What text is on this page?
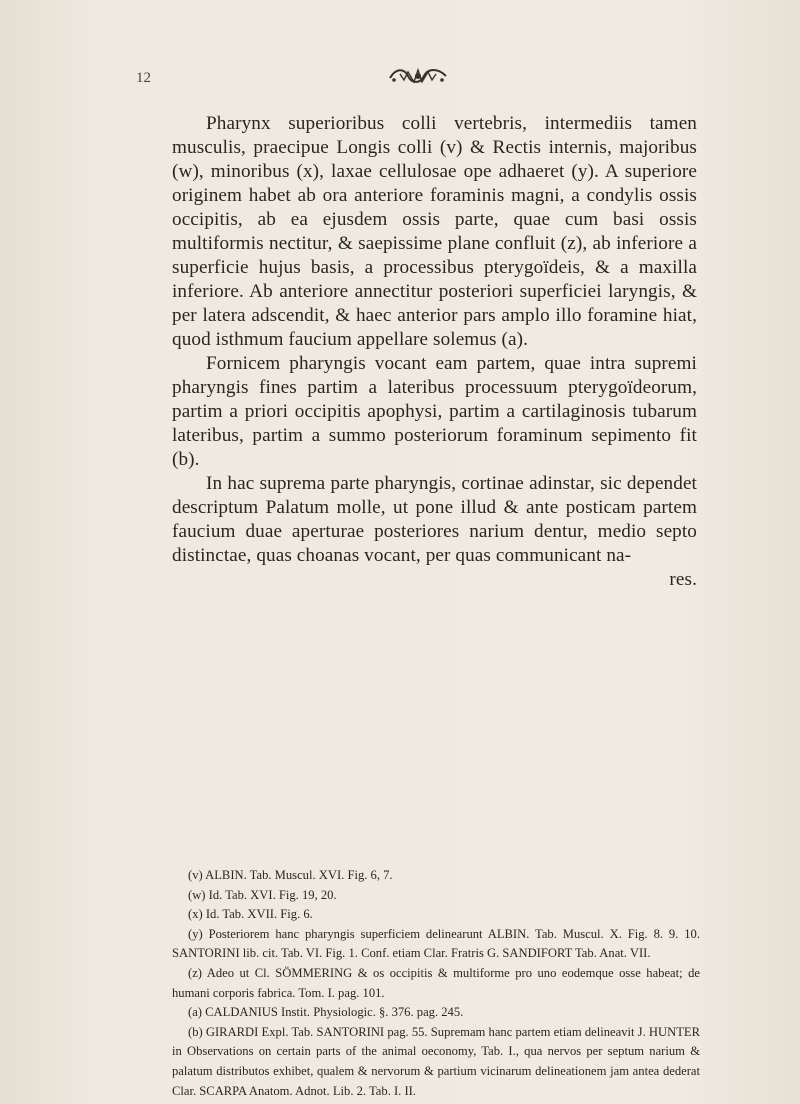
12

Pharynx superioribus colli vertebris, intermediis tamen musculis, praecipue Longis colli (v) & Rectis internis, majoribus (w), minoribus (x), laxae cellulosae ope adhaeret (y). A superiore originem habet ab ora anteriore foraminis magni, a condylis ossis occipitis, ab ea ejusdem ossis parte, quae cum basi ossis multiformis nectitur, & saepissime plane confluit (z), ab inferiore a superficie hujus basis, a processibus pterygoïdeis, & a maxilla inferiore. Ab anteriore annectitur posteriori superficiei laryngis, & per latera adscendit, & haec anterior pars amplo illo foramine hiat, quod isthmum faucium appellare solemus (a).

Fornicem pharyngis vocant eam partem, quae intra supremi pharyngis fines partim a lateribus processuum pterygoïdeorum, partim a priori occipitis apophysi, partim a cartilaginosis tubarum lateribus, partim a summo posteriorum foraminum sepimento fit (b).

In hac suprema parte pharyngis, cortinae adinstar, sic dependet descriptum Palatum molle, ut pone illud & ante posticam partem faucium duae aperturae posteriores narium dentur, medio septo distinctae, quas choanas vocant, per quas communicant na-

res.

(v) ALBIN. Tab. Muscul. XVI. Fig. 6, 7.

(w) Id. Tab. XVI. Fig. 19, 20.

(x) Id. Tab. XVII. Fig. 6.

(y) Posteriorem hanc pharyngis superficiem delinearunt ALBIN. Tab. Muscul. X. Fig. 8. 9. 10. SANTORINI lib. cit. Tab. VI. Fig. 1. Conf. etiam Clar. Fratris G. SANDIFORT Tab. Anat. VII.

(z) Adeo ut Cl. SÖMMERING & os occipitis & multiforme pro uno eodemque osse habeat; de humani corporis fabrica. Tom. I. pag. 101.

(a) CALDANIUS Instit. Physiologic. §. 376. pag. 245.

(b) GIRARDI Expl. Tab. SANTORINI pag. 55. Supremam hanc partem etiam delineavit J. HUNTER in Observations on certain parts of the animal oeconomy, Tab. I., qua nervos per septum narium & palatum distributos exhibet, qualem & nervorum & partium vicinarum delineationem jam antea dederat Clar. SCARPA Anatom. Adnot. Lib. 2. Tab. I. II.
